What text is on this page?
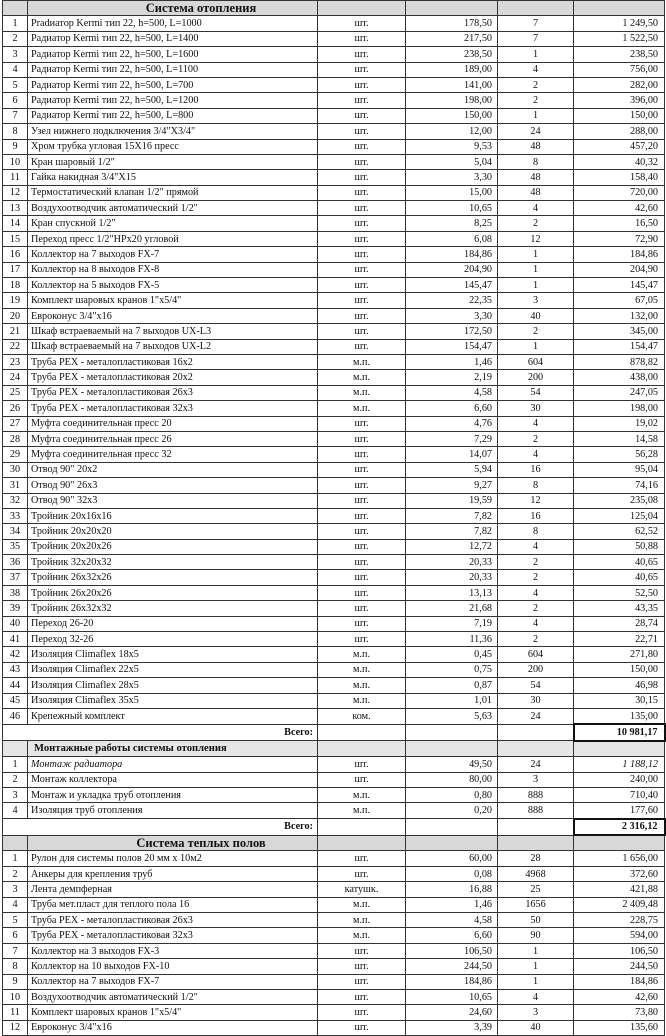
	Система отопления				
1	Рradиатор Kermi тип 22, h=500, L=1000	шт.	178,50	7	1 249,50
2	Радиатор Kermi тип 22, h=500, L=1400	шт.	217,50	7	1 522,50
3	Радиатор Kermi тип 22, h=500, L=1600	шт.	238,50	1	238,50
4	Радиатор Kermi тип 22, h=500, L=1100	шт.	189,00	4	756,00
5	Радиатор Kermi тип 22, h=500, L=700	шт.	141,00	2	282,00
6	Радиатор Kermi тип 22, h=500, L=1200	шт.	198,00	2	396,00
7	Радиатор Kermi тип 22, h=500, L=800	шт.	150,00	1	150,00
8	Узел нижнего подключения 3/4"X3/4"	шт.	12,00	24	288,00
9	Хром трубка угловая 15X16 пресс	шт.	9,53	48	457,20
10	Кран шаровый 1/2"	шт.	5,04	8	40,32
11	Гайка накидная 3/4"X15	шт.	3,30	48	158,40
12	Термостатический клапан 1/2" прямой	шт.	15,00	48	720,00
13	Воздухоотводчик автоматический 1/2"	шт.	10,65	4	42,60
14	Кран спускной 1/2"	шт.	8,25	2	16,50
15	Переход пресс 1/2"HPx20 угловой	шт.	6,08	12	72,90
16	Коллектор на 7 выходов FX-7	шт.	184,86	1	184,86
17	Коллектор на 8 выходов FX-8	шт.	204,90	1	204,90
18	Коллектор на 5 выходов FX-5	шт.	145,47	1	145,47
19	Комплект шаровых кранов 1"x5/4"	шт.	22,35	3	67,05
20	Евроконус 3/4"x16	шт.	3,30	40	132,00
21	Шкаф встраеваемый на 7 выходов UX-L3	шт.	172,50	2	345,00
22	Шкаф встраеваемый на 7 выходов UX-L2	шт.	154,47	1	154,47
23	Труба PEX - металопластиковая 16x2	м.п.	1,46	604	878,82
24	Труба PEX - металопластиковая 20x2	м.п.	2,19	200	438,00
25	Труба PEX - металопластиковая 26x3	м.п.	4,58	54	247,05
26	Труба PEX - металопластиковая 32x3	м.п.	6,60	30	198,00
27	Муфта соединительная пресс 20	шт.	4,76	4	19,02
28	Муфта соединительная пресс 26	шт.	7,29	2	14,58
29	Муфта соединительная пресс 32	шт.	14,07	4	56,28
30	Отвод 90" 20x2	шт.	5,94	16	95,04
31	Отвод 90" 26x3	шт.	9,27	8	74,16
32	Отвод 90" 32x3	шт.	19,59	12	235,08
33	Тройник 20x16x16	шт.	7,82	16	125,04
34	Тройник 20x20x20	шт.	7,82	8	62,52
35	Тройник 20x20x26	шт.	12,72	4	50,88
36	Тройник 32x20x32	шт.	20,33	2	40,65
37	Тройник 26x32x26	шт.	20,33	2	40,65
38	Тройник 26x20x26	шт.	13,13	4	52,50
39	Тройник 26x32x32	шт.	21,68	2	43,35
40	Переход 26-20	шт.	7,19	4	28,74
41	Переход 32-26	шт.	11,36	2	22,71
42	Изоляция Climaflex 18x5	м.п.	0,45	604	271,80
43	Изоляция Climaflex 22x5	м.п.	0,75	200	150,00
44	Изоляция Climaflex 28x5	м.п.	0,87	54	46,98
45	Изоляция Climaflex 35x5	м.п.	1,01	30	30,15
46	Крепежный комплект	ком.	5,63	24	135,00
Всего:					10 981,17
	Монтажные работы системы отопления				
1	Монтаж радиатора	шт.	49,50	24	1 188,12
2	Монтаж коллектора	шт.	80,00	3	240,00
3	Монтаж и укладка труб отопления	м.п.	0,80	888	710,40
4	Изоляция труб отопления	м.п.	0,20	888	177,60
Всего:					2 316,12
	Система теплых полов				
1	Рулон для системы полов 20 мм x 10м2	шт.	60,00	28	1 656,00
2	Анкеры для крепления труб	шт.	0,08	4968	372,60
3	Лента демпферная	катушк.	16,88	25	421,88
4	Труба мет.пласт для теплого пола 16	м.п.	1,46	1656	2 409,48
5	Труба PEX - металопластиковая 26x3	м.п.	4,58	50	228,75
6	Труба PEX - металопластиковая 32x3	м.п.	6,60	90	594,00
7	Коллектор на 3 выходов FX-3	шт.	106,50	1	106,50
8	Коллектор на 10 выходов FX-10	шт.	244,50	1	244,50
9	Коллектор на 7 выходов FX-7	шт.	184,86	1	184,86
10	Воздухоотводчик автоматический 1/2"	шт.	10,65	4	42,60
11	Комплект шаровых кранов 1"x5/4"	шт.	24,60	3	73,80
12	Евроконус 3/4"x16	шт.	3,39	40	135,60
